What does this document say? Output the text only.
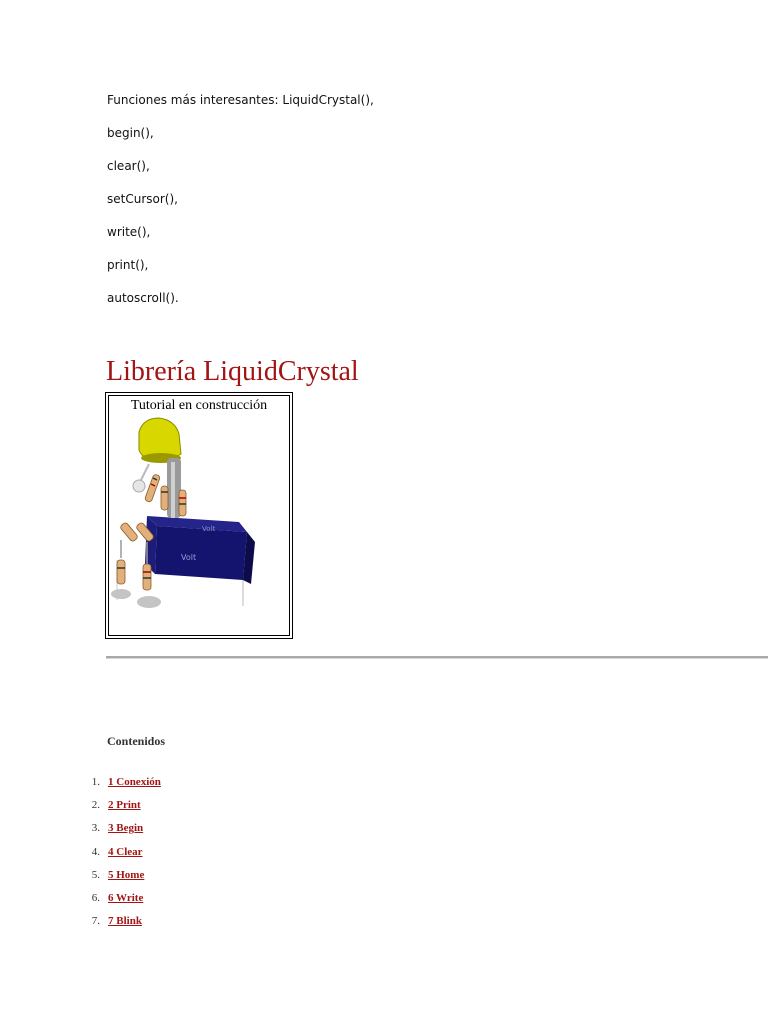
Funciones más interesantes: LiquidCrystal(),

begin(),

clear(),

setCursor(),

write(),

print(),

autoscroll().

Librería LiquidCrystal
Tutorial en construcción
Volt
Volt
Contenidos
1. 1 Conexión
2. 2 Print
3. 3 Begin
4. 4 Clear
5. 5 Home
6. 6 Write
7. 7 Blink
